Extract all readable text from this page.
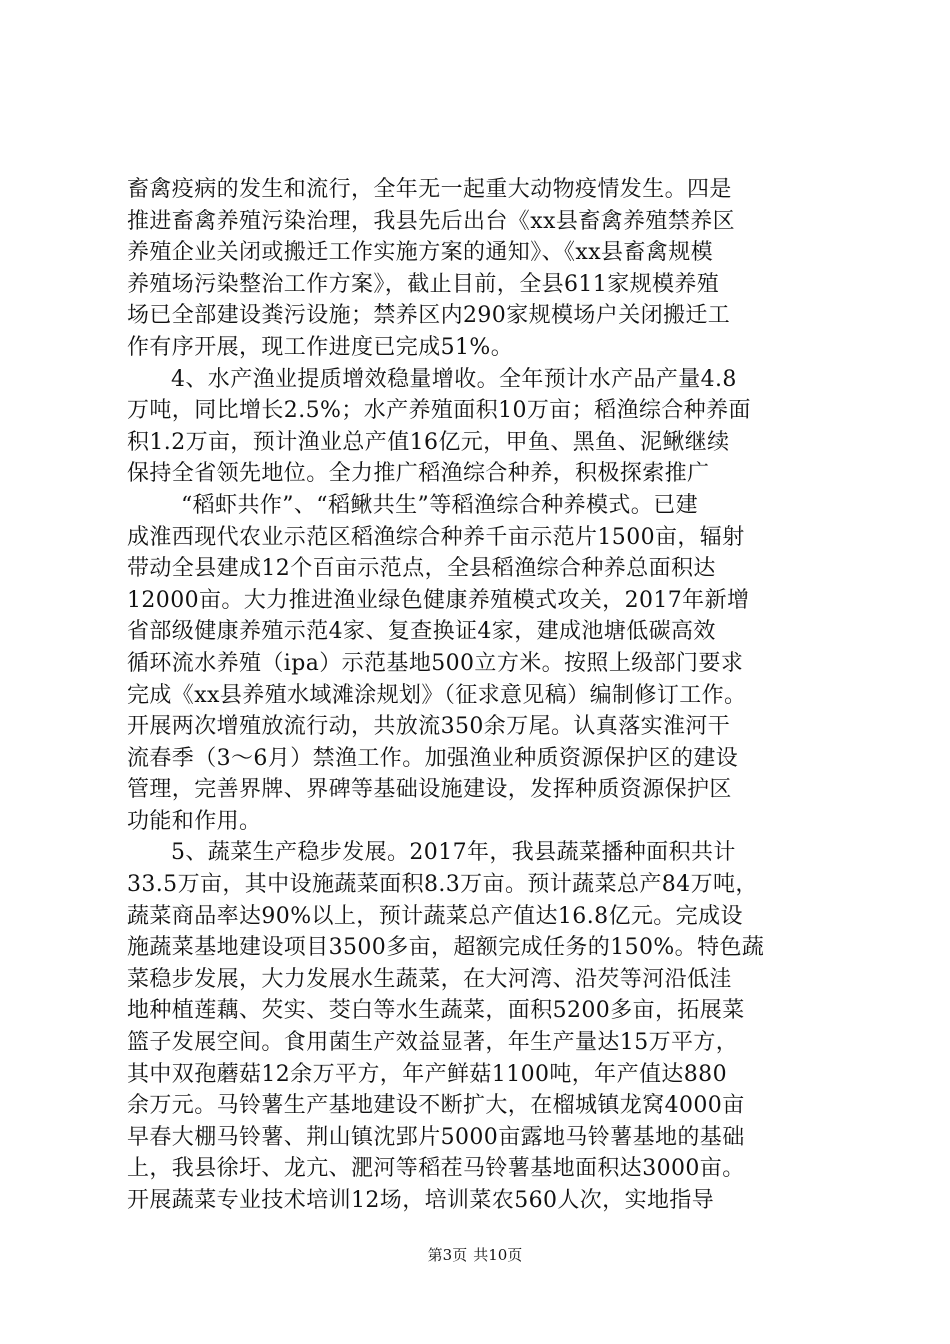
畜禽疫病的发生和流行，全年无一起重大动物疫情发生。四是
推进畜禽养殖污染治理，我县先后出台《xx县畜禽养殖禁养区
养殖企业关闭或搬迁工作实施方案的通知》、《xx县畜禽规模
养殖场污染整治工作方案》，截止目前，全县611家规模养殖
场已全部建设粪污设施；禁养区内290家规模场户关闭搬迁工
作有序开展，现工作进度已完成51%。
4、水产渔业提质增效稳量增收。全年预计水产品产量4.8
万吨，同比增长2.5%；水产养殖面积10万亩；稻渔综合种养面
积1.2万亩，预计渔业总产值16亿元，甲鱼、黑鱼、泥鳅继续
保持全省领先地位。全力推广稻渔综合种养，积极探索推广
“稻虾共作”、“稻鳅共生”等稻渔综合种养模式。已建
成淮西现代农业示范区稻渔综合种养千亩示范片1500亩，辐射
带动全县建成12个百亩示范点，全县稻渔综合种养总面积达
12000亩。大力推进渔业绿色健康养殖模式攻关，2017年新增
省部级健康养殖示范4家、复查换证4家，建成池塘低碳高效
循环流水养殖（ipa）示范基地500立方米。按照上级部门要求
完成《xx县养殖水域滩涂规划》（征求意见稿）编制修订工作。
开展两次增殖放流行动，共放流350余万尾。认真落实淮河干
流春季（3～6月）禁渔工作。加强渔业种质资源保护区的建设
管理，完善界牌、界碑等基础设施建设，发挥种质资源保护区
功能和作用。
5、蔬菜生产稳步发展。2017年，我县蔬菜播种面积共计
33.5万亩，其中设施蔬菜面积8.3万亩。预计蔬菜总产84万吨，
蔬菜商品率达90%以上，预计蔬菜总产值达16.8亿元。完成设
施蔬菜基地建设项目3500多亩，超额完成任务的150%。特色蔬
菜稳步发展，大力发展水生蔬菜，在大河湾、沿芡等河沿低洼
地种植莲藕、芡实、茭白等水生蔬菜，面积5200多亩，拓展菜
篮子发展空间。食用菌生产效益显著，年生产量达15万平方，
其中双孢蘑菇12余万平方，年产鲜菇1100吨，年产值达880
余万元。马铃薯生产基地建设不断扩大，在榴城镇龙窝4000亩
早春大棚马铃薯、荆山镇沈郢片5000亩露地马铃薯基地的基础
上，我县徐圩、龙亢、淝河等稻茬马铃薯基地面积达3000亩。
开展蔬菜专业技术培训12场，培训菜农560人次，实地指导
第3页 共10页
